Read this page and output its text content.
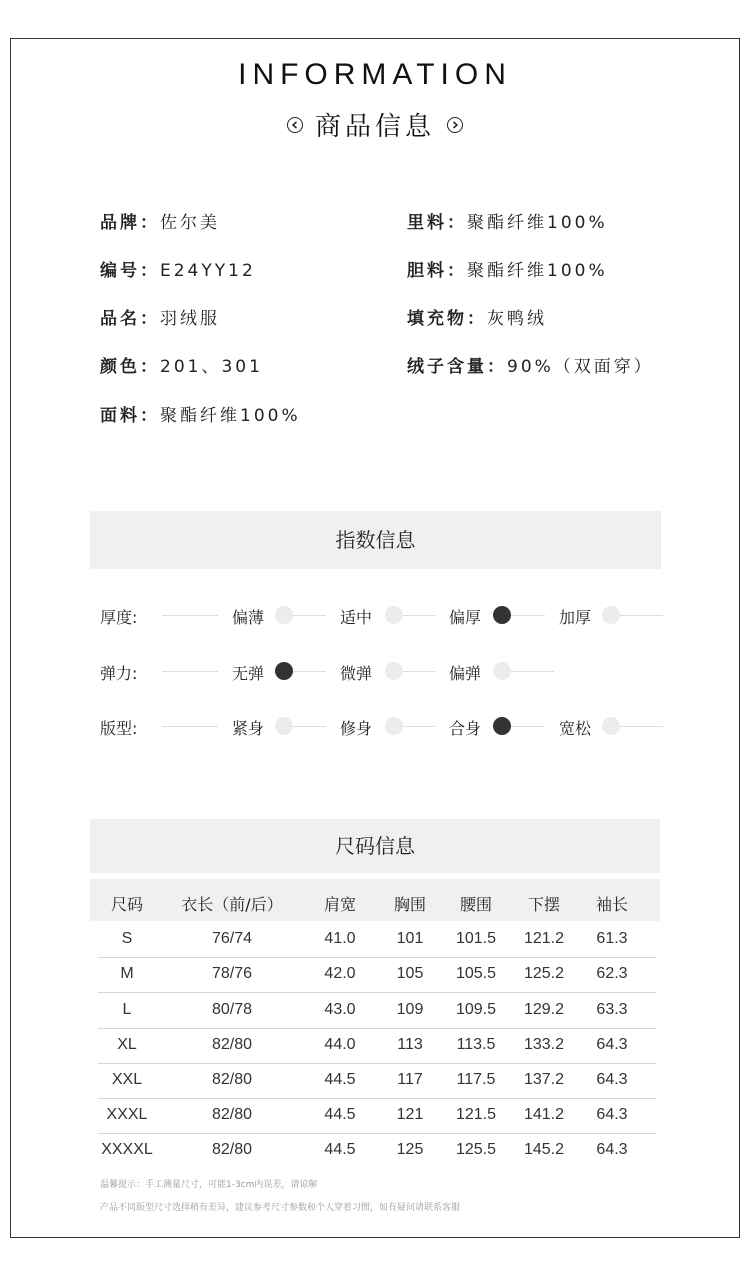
INFORMATION
商品信息
品牌：佐尔美
编号：E24YY12
品名：羽绒服
颜色：201、301
面料：聚酯纤维100%
里料：聚酯纤维100%
胆料：聚酯纤维100%
填充物：灰鸭绒
绒子含量：90%（双面穿）
指数信息
厚度:	偏薄	适中	偏厚	加厚
弹力:	无弹	微弹	偏弹
版型:	紧身	修身	合身	宽松
尺码信息
尺码	衣长（前/后）	肩宽	胸围	腰围	下摆	袖长
S	76/74	41.0	101	101.5	121.2	61.3
M	78/76	42.0	105	105.5	125.2	62.3
L	80/78	43.0	109	109.5	129.2	63.3
XL	82/80	44.0	113	113.5	133.2	64.3
XXL	82/80	44.5	117	117.5	137.2	64.3
XXXL	82/80	44.5	121	121.5	141.2	64.3
XXXXL	82/80	44.5	125	125.5	145.2	64.3
温馨提示：手工测量尺寸，可能1-3cm内误差，请谅解
产品不同版型尺寸选择稍有差异，建议参考尺寸参数和个人穿着习惯，如有疑问请联系客服
